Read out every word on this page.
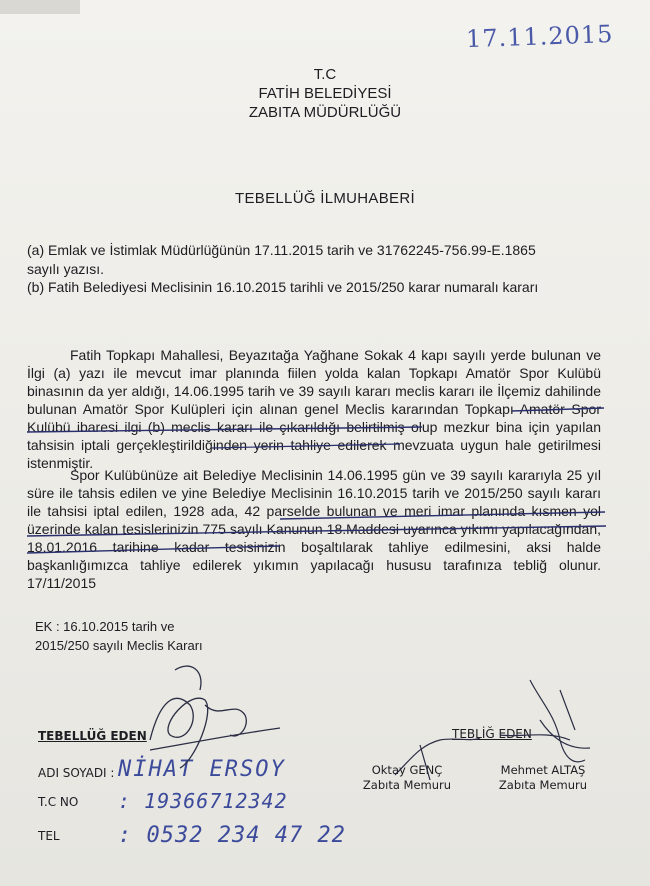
17.11.2015
T.C
FATİH BELEDİYESİ
ZABITA MÜDÜRLÜĞÜ
TEBELLÜĞ İLMUHABERİ
(a) Emlak ve İstimlak Müdürlüğünün 17.11.2015 tarih ve 31762245-756.99-E.1865
sayılı yazısı.
(b) Fatih Belediyesi Meclisinin 16.10.2015 tarihli ve 2015/250 karar numaralı kararı
Fatih Topkapı Mahallesi, Beyazıtağa Yağhane Sokak 4 kapı sayılı yerde bulunan ve İlgi (a) yazı ile mevcut imar planında fiilen yolda kalan Topkapı Amatör Spor Kulübü binasının da yer aldığı, 14.06.1995 tarih ve 39 sayılı kararı meclis kararı ile İlçemiz dahilinde bulunan Amatör Spor Kulüpleri için alınan genel Meclis kararından Topkapı Amatör Spor Kulübü ibaresi ilgi (b) meclis kararı ile çıkarıldığı belirtilmiş olup mezkur bina için yapılan tahsisin iptali gerçekleştirildiğinden yerin tahliye edilerek mevzuata uygun hale getirilmesi istenmiştir.
Spor Kulübünüze ait Belediye Meclisinin 14.06.1995 gün ve 39 sayılı kararıyla 25 yıl süre ile tahsis edilen ve yine Belediye Meclisinin 16.10.2015 tarih ve 2015/250 sayılı kararı ile tahsisi iptal edilen, 1928 ada, 42 parselde bulunan ve meri imar planında kısmen yol üzerinde kalan tesislerinizin 775 sayılı Kanunun 18.Maddesi uyarınca yıkımı yapılacağından, 18.01.2016 tarihine kadar tesisinizin boşaltılarak tahliye edilmesini, aksi halde başkanlığımızca tahliye edilerek yıkımın yapılacağı hususu tarafınıza tebliğ olunur. 17/11/2015
EK : 16.10.2015 tarih ve
2015/250 sayılı Meclis Kararı
TEBELLÜĞ EDEN
ADI SOYADI :
T.C NO
TEL
NİHAT ERSOY
: 19366712342
: 0532 234 47 22
TEBLİĞ EDEN
Oktay GENÇ
Zabıta Memuru
Mehmet ALTAŞ
Zabıta Memuru
